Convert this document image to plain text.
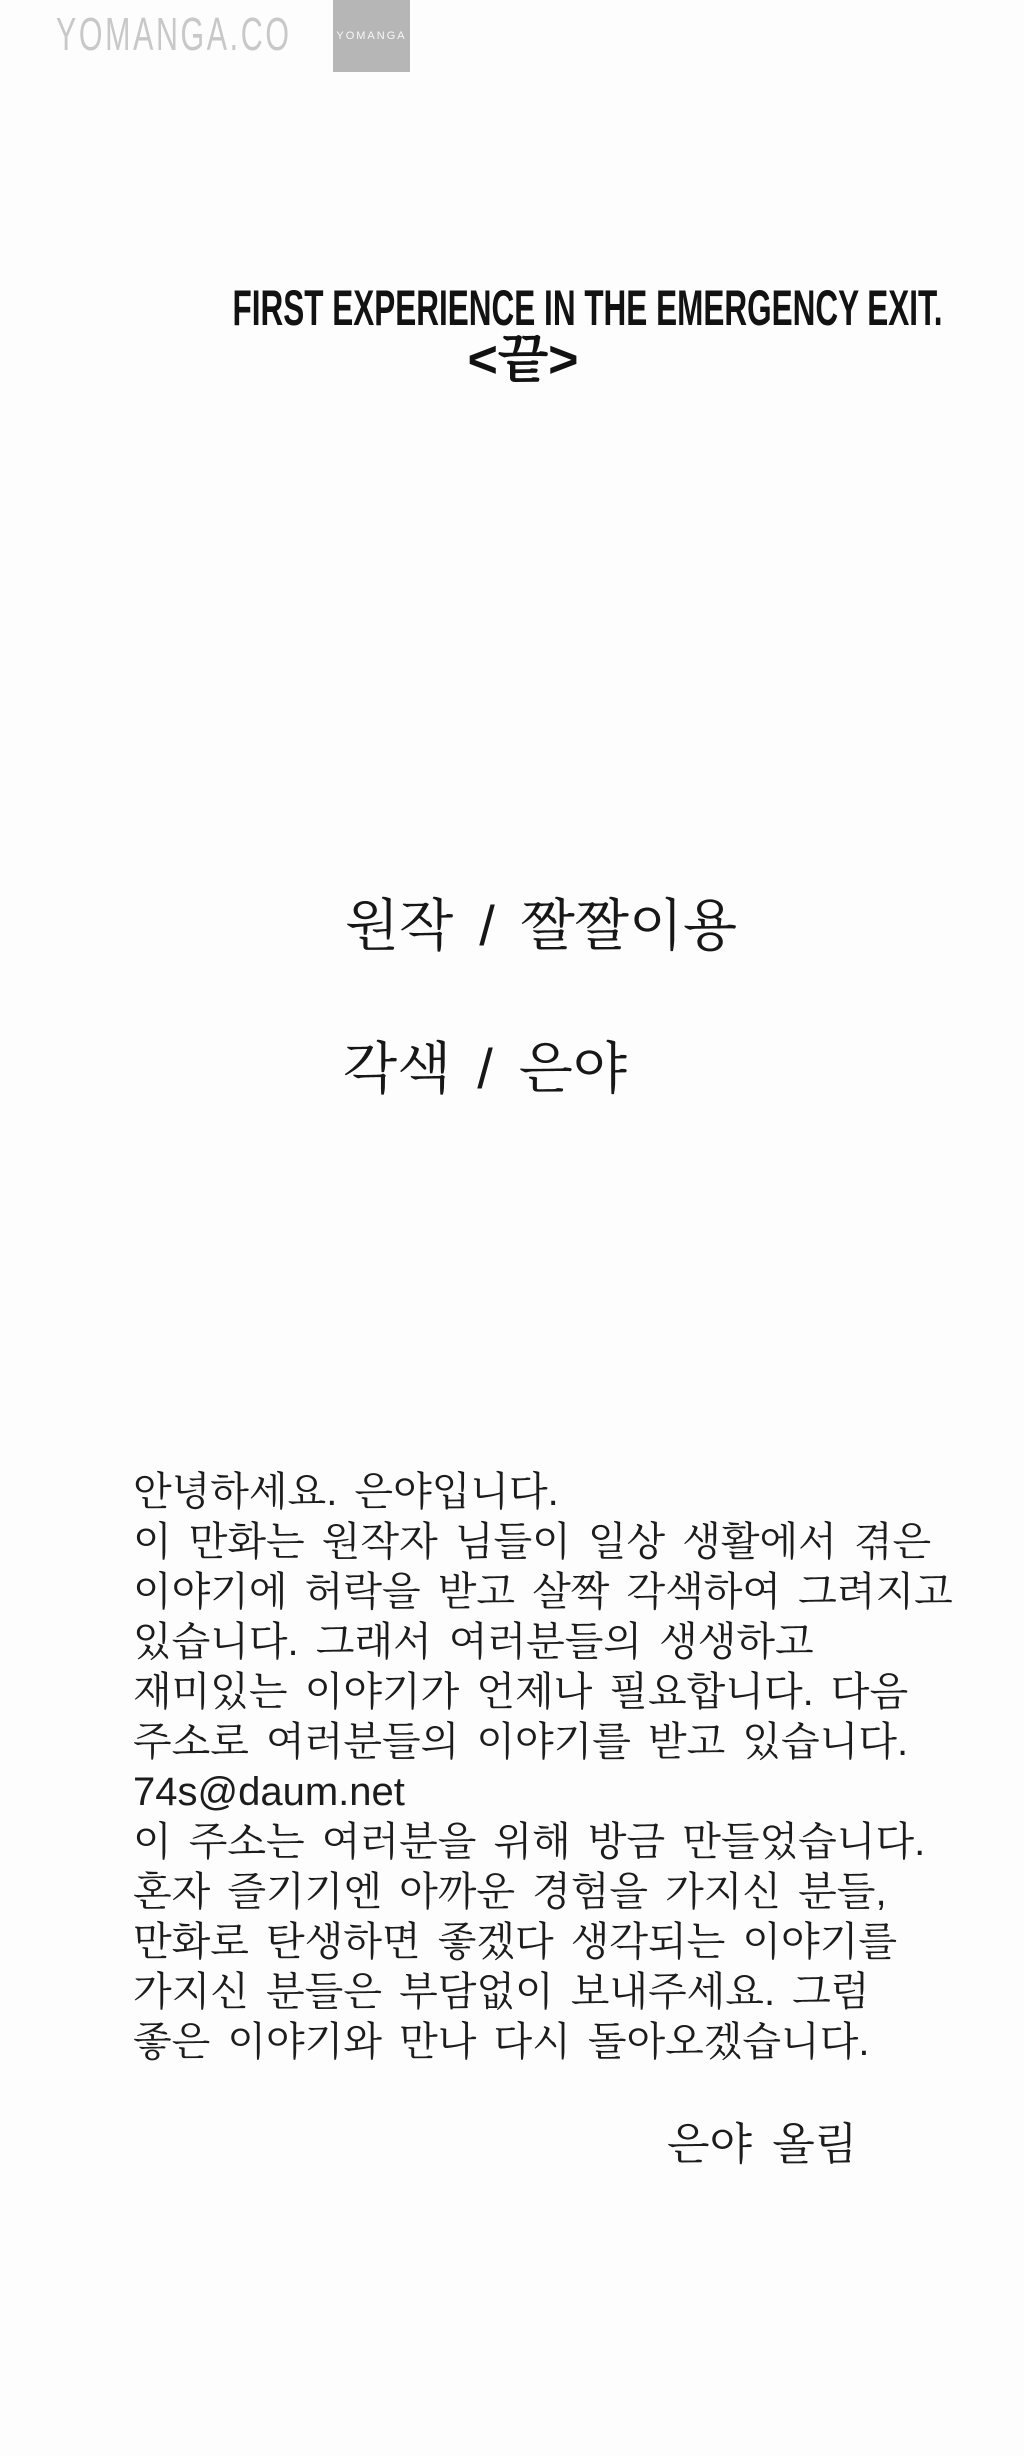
YOMANGA.CO	YOMANGA
FIRST EXPERIENCE IN THE EMERGENCY EXIT.
<끝>
원작 / 짤짤이용
각색 / 은야
안녕하세요. 은야입니다.
이 만화는 원작자 님들이 일상 생활에서 겪은
이야기에 허락을 받고 살짝 각색하여 그려지고
있습니다. 그래서 여러분들의 생생하고
재미있는 이야기가 언제나 필요합니다. 다음
주소로 여러분들의 이야기를 받고 있습니다.
74s@daum.net
이 주소는 여러분을 위해 방금 만들었습니다.
혼자 즐기기엔 아까운 경험을 가지신 분들,
만화로 탄생하면 좋겠다 생각되는 이야기를
가지신 분들은 부담없이 보내주세요. 그럼
좋은 이야기와 만나 다시 돌아오겠습니다.
은야 올림
